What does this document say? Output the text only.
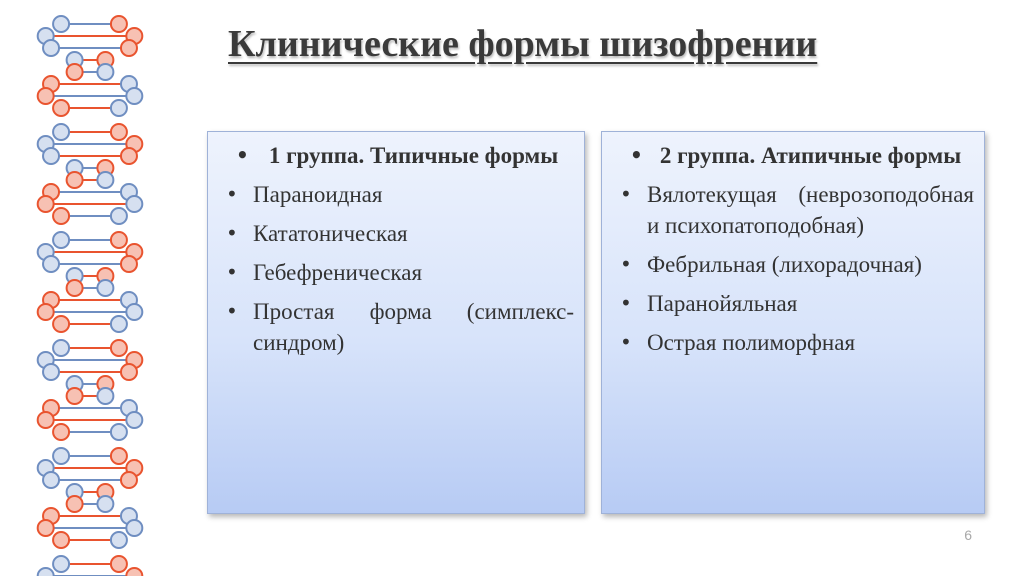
Клинические формы шизофрении
• 1 группа. Типичные формы
• Параноидная
• Кататоническая
• Гебефреническая
• Простая форма (симплекс-синдром)
• 2 группа. Атипичные формы
• Вялотекущая (неврозоподобная и психопатоподобная)
• Фебрильная (лихорадочная)
• Паранойяльная
• Острая полиморфная
6
